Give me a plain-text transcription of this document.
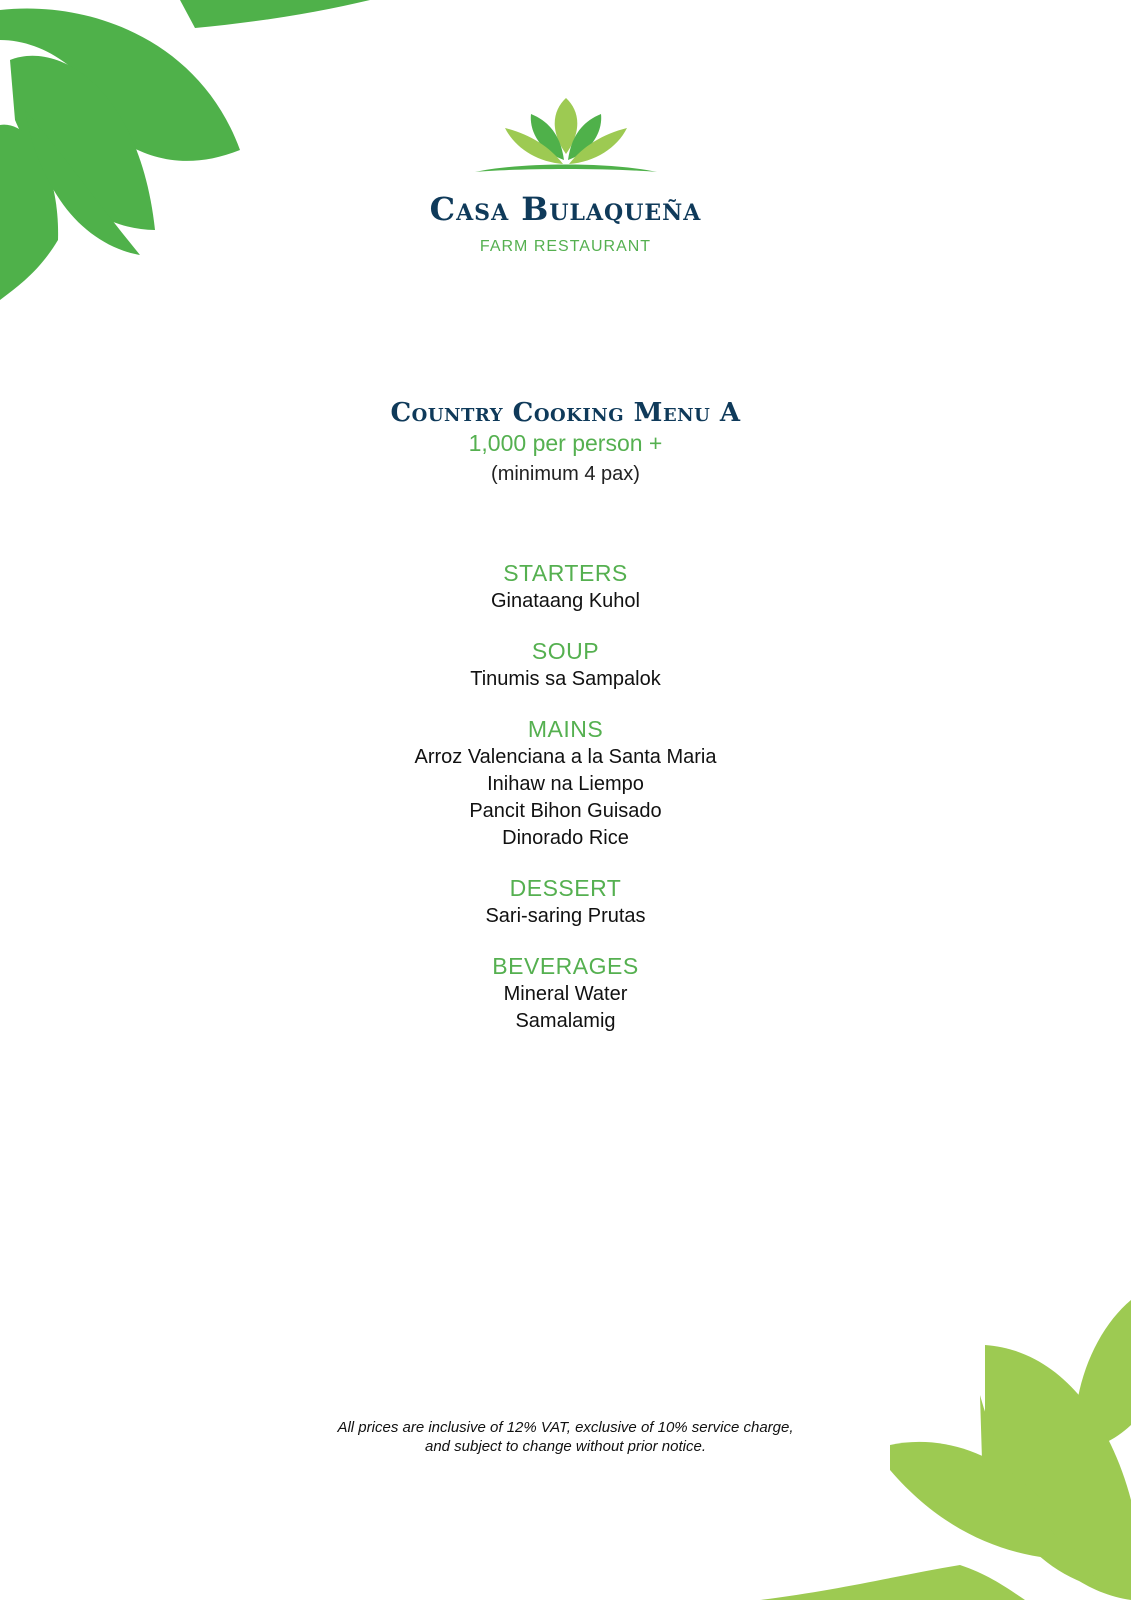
Casa Bulaqueña
FARM RESTAURANT
Country Cooking Menu A
1,000 per person +
(minimum 4 pax)
STARTERS
Ginataang Kuhol
SOUP
Tinumis sa Sampalok
MAINS
Arroz Valenciana a la Santa Maria
Inihaw na Liempo
Pancit Bihon Guisado
Dinorado Rice
DESSERT
Sari-saring Prutas
BEVERAGES
Mineral Water
Samalamig
All prices are inclusive of 12% VAT, exclusive of 10% service charge,
and subject to change without prior notice.
